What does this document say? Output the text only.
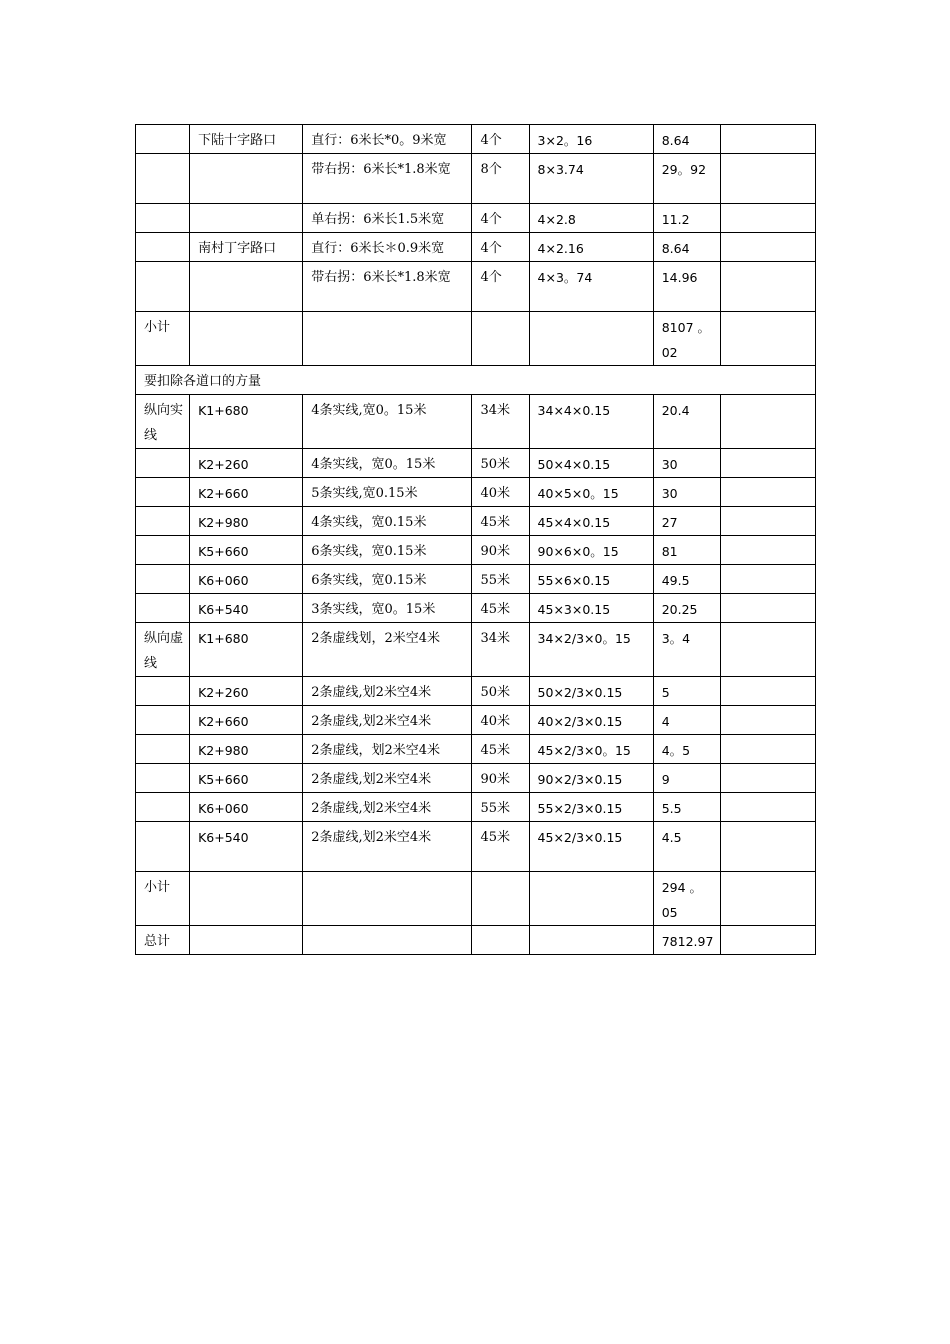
	下陆十字路口	直行：6米长*0。9米宽	4个	3×2。16	8.64	
		带右拐：6米长*1.8米宽	8个	8×3.74	29。92	
		单右拐：6米长1.5米宽	4个	4×2.8	11.2	
	南村丁字路口	直行：6米长＊0.9米宽	4个	4×2.16	8.64	
		带右拐：6米长*1.8米宽	4个	4×3。74	14.96	
小计					8107 。02	
要扣除各道口的方量						
纵向实线	K1+680	4条实线,宽0。15米	34米	34×4×0.15	20.4	
	K2+260	4条实线，宽0。15米	50米	50×4×0.15	30	
	K2+660	5条实线,宽0.15米	40米	40×5×0。15	30	
	K2+980	4条实线，宽0.15米	45米	45×4×0.15	27	
	K5+660	6条实线，宽0.15米	90米	90×6×0。15	81	
	K6+060	6条实线，宽0.15米	55米	55×6×0.15	49.5	
	K6+540	3条实线，宽0。15米	45米	45×3×0.15	20.25	
纵向虚线	K1+680	2条虚线划，2米空4米	34米	34×2/3×0。15	3。4	
	K2+260	2条虚线,划2米空4米	50米	50×2/3×0.15	5	
	K2+660	2条虚线,划2米空4米	40米	40×2/3×0.15	4	
	K2+980	2条虚线，划2米空4米	45米	45×2/3×0。15	4。5	
	K5+660	2条虚线,划2米空4米	90米	90×2/3×0.15	9	
	K6+060	2条虚线,划2米空4米	55米	55×2/3×0.15	5.5	
	K6+540	2条虚线,划2米空4米	45米	45×2/3×0.15	4.5	
小计					294 。 05	
总计					7812.97	
